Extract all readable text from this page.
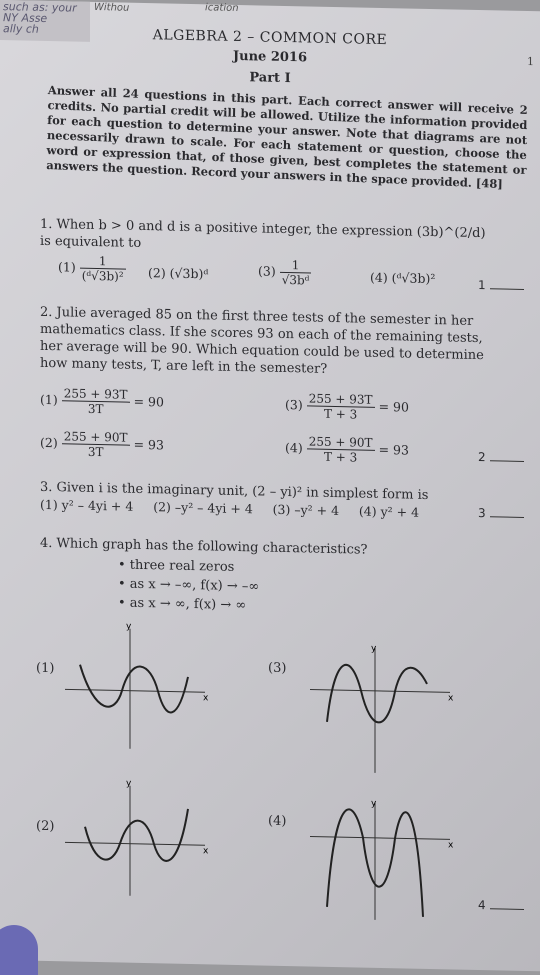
such as: your
NY Asse
ally ch
Withou	ication
ALGEBRA 2 – COMMON CORE
June 2016
Part I
1
Answer all 24 questions in this part. Each correct answer will receive 2 credits. No partial credit will be allowed. Utilize the information provided for each question to determine your answer. Note that diagrams are not necessarily drawn to scale. For each statement or question, choose the word or expression that, of those given, best completes the statement or answers the question. Record your answers in the space provided. [48]
1. When b > 0 and d is a positive integer, the expression (3b)^(2/d) is equivalent to
$(1) \frac{1}{\text{(ᵈ√3b)²}} (2)$ (√3b)ᵈ	$(3) \frac{1}{\text{√3bᵈ}}$	(4) (ᵈ√3b)²	1
2. Julie averaged 85 on the first three tests of the semester in her mathematics class. If she scores 93 on each of the remaining tests, her average will be 90. Which equation could be used to determine how many tests, T, are left in the semester?
$(1) \frac{255 + 93T}{3T} = 90$	$(3) \frac{255 + 93T}{T + 3} = 90$
$(2) \frac{255 + 90T}{3T} = 93$	$(4) \frac{255 + 90T}{T + 3} = 93$	2
3. Given i is the imaginary unit, (2 – yi)² in simplest form is
(1) y² – 4yi + 4     (2) –y² – 4yi + 4     (3) –y² + 4     (4) y² + 4	3
4. Which graph has the following characteristics?
• three real zeros
• as x → –∞, f(x) → –∞
• as x → ∞, f(x) → ∞
(1)	(3)
(2)	(4)
y
x
y
x
y
x
y
x
4
